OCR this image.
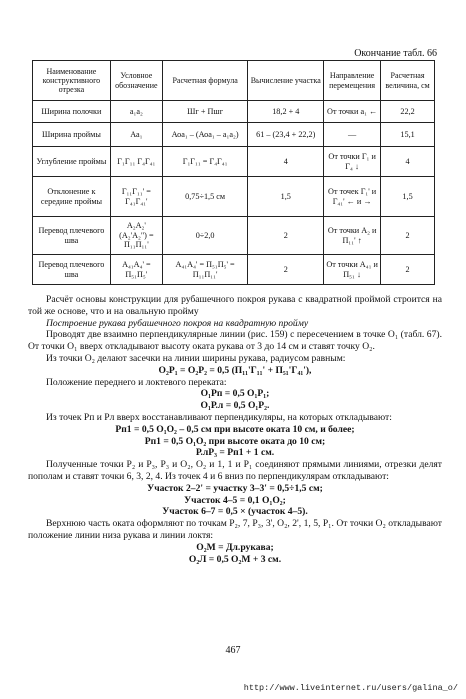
Окончание табл. 66
Наименование конструктивного отрезка	Условное обозначение	Расчетная формула	Вычисление участка	Направление перемещения	Расчетная величина, см
Ширина полочки	а₁а₂	Шг + Пшг	18,2 + 4	От точки а₁ ←	22,2
Ширина проймы	Аа₁	Аоа₁ – (Аоа₁ – а₁а₂)	61 – (23,4 + 22,2)	—	15,1
Углубление проймы	Г₁Г₁₁ Г₄Г₄₁	Г₁Г₁₁ = Г₄Г₄₁	4	От точки Г₁ и Г₄ ↓	4
Отклонение к середине проймы	Г₁₁Г₁₁' = Г₄₁Г₄₁'	0,75÷1,5 см	1,5	От точек Г₁' и Г₄₁' ← и →	1,5
Перевод плечевого шва	А₂А₂' (А₂'А₂") = П₁₁П₁₁'	0÷2,0	2	От точки А₂ и П₁₁' ↑	2
Перевод плечевого шва	А₄₁А₄' = П₅₁П₅'	А₄₁А₄' = П₅₁П₅' = П₁₁П₁₁'	2	От точки А₄₁ и П₅₁ ↓	2

Расчёт основы конструкции для рубашечного покроя рукава с квадратной проймой строится на той же основе, что и на овальную пройму

Построение рукава рубашечного покроя на квадратную пройму

Проводят две взаимно перпендикулярные линии (рис. 159) с пересечением в точке О₁ (табл. 67). От точки О₁ вверх откладывают высоту оката рукава от 3 до 14 см и ставят точку О₂.

Из точки О₂ делают засечки на линии ширины рукава, радиусом равным:

О₂Р₁ = О₂Р₂ = 0,5 (П₁₁'Г₁₁' + П₅₁'Г₄₁'),

Положение переднего и локтевого переката:

О₁Рп = 0,5 О₁Р₁;

О₁Р.л = 0,5 О₁Р₂.

Из точек Рп и Рл вверх восстанавливают перпендикуляры, на которых откладывают:

Рп1 = 0,5 О₁О₂ – 0,5 см при высоте оката 10 см, и более;

Рп1 = 0,5 О₁О₂ при высоте оката до 10 см;

Р.лР₃ = Рп1 + 1 см.

Полученные точки Р₂ и Р₃, Р₃ и О₂, О₂ и 1, 1 и Р₁ соединяют прямыми линиями, отрезки делят пополам и ставят точки 6, 3, 2, 4. Из точек 4 и 6 вниз по перпендикулярам откладывают:

Участок 2–2' = участку 3–3' = 0,5÷1,5 см;

Участок 4–5 = 0,1 О₁О₂;

Участок 6–7 = 0,5 × (участок 4–5).

Верхнюю часть оката оформляют по точкам Р₂, 7, Р₃, 3', О₂, 2', 1, 5, Р₁. От точки О₂ откладывают положение линии низа рукава и линии локтя:

О₂М = Дл.рукава;

О₂Л = 0,5 О₂М + 3 см.

467
http://www.liveinternet.ru/users/galina_o/
